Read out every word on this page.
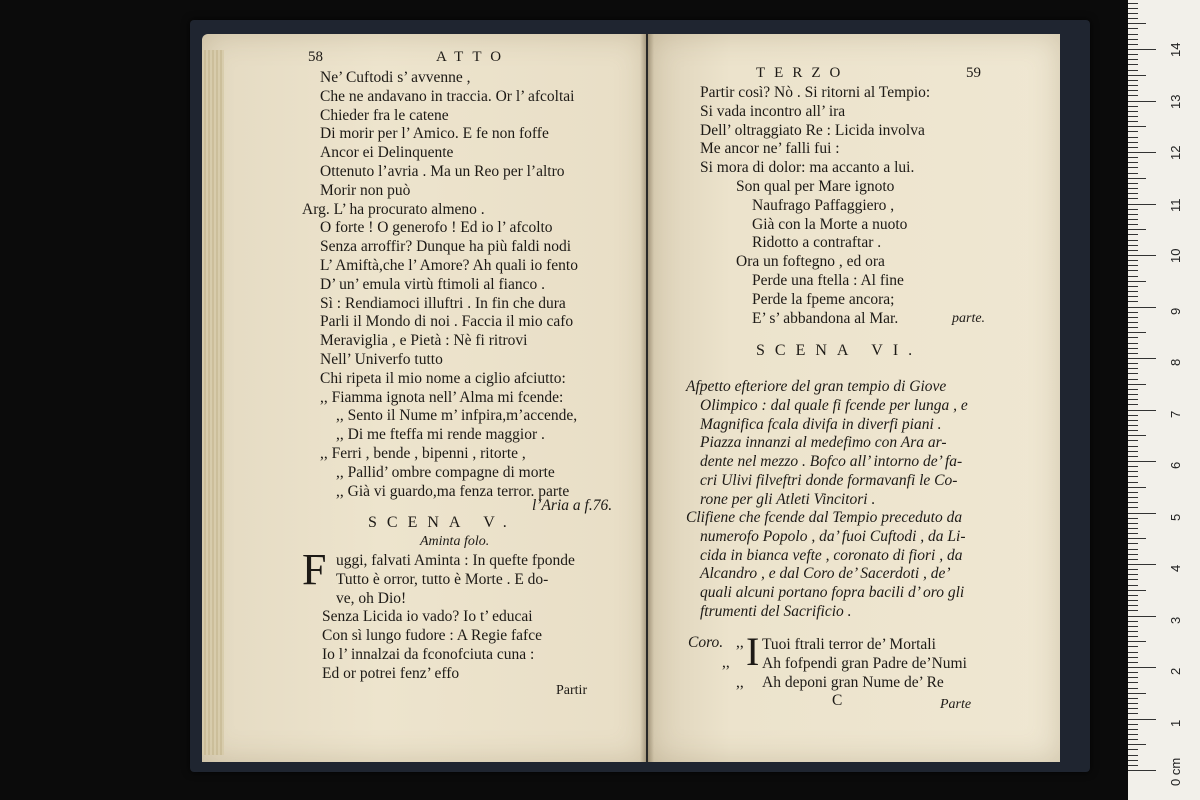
58	ATTO
Ne’ Cuftodi s’ avvenne ,
Che ne andavano in traccia. Or l’ afcoltai
Chieder fra le catene
Di morir per l’ Amico. E fe non foffe
Ancor ei Delinquente
Ottenuto l’avria . Ma un Reo per l’altro
Morir non può
Arg. L’ ha procurato almeno .
O forte ! O generofo ! Ed io l’ afcolto
Senza arroffir? Dunque ha più faldi nodi
L’ Amiftà,che l’ Amore? Ah quali io fento
D’ un’ emula virtù ftimoli al fianco .
Sì : Rendiamoci illuftri . In fin che dura
Parli il Mondo di noi . Faccia il mio cafo
Meraviglia , e Pietà : Nè fi ritrovi
Nell’ Univerfo tutto
Chi ripeta il mio nome a ciglio afciutto:
,, Fiamma ignota nell’ Alma mi fcende:
,, Sento il Nume m’ infpira,m’accende,
,, Di me fteffa mi rende maggior .
,, Ferri , bende , bipenni , ritorte ,
,, Pallid’ ombre compagne di morte
,, Già vi guardo,ma fenza terror. parte
l’Aria a f.76.
SCENA V.
Aminta folo.
F uggi, falvati Aminta : In quefte fponde
Tutto è orror, tutto è Morte . E do-
ve, oh Dio!
Senza Licida io vado? Io t’ educai
Con sì lungo fudore : A Regie fafce
Io l’ innalzai da fconofciuta cuna :
Ed or potrei fenz’ effo
Partir
TERZO	59
Partir così? Nò . Si ritorni al Tempio:
Si vada incontro all’ ira
Dell’ oltraggiato Re : Licida involva
Me ancor ne’ falli fui :
Si mora di dolor: ma accanto a lui.
Son qual per Mare ignoto
Naufrago Paffaggiero ,
Già con la Morte a nuoto
Ridotto a contraftar .
Ora un foftegno , ed ora
Perde una ftella : Al fine
Perde la fpeme ancora;
E’ s’ abbandona al Mar.	parte.
SCENA VI.
Afpetto efteriore del gran tempio di Giove
Olimpico : dal quale fi fcende per lunga , e
Magnifica fcala divifa in diverfi piani .
Piazza innanzi al medefimo con Ara ar-
dente nel mezzo . Bofco all’ intorno de’ fa-
cri Ulivi filveftri donde formavanfi le Co-
rone per gli Atleti Vincitori .
Clifiene che fcende dal Tempio preceduto da
numerofo Popolo , da’ fuoi Cuftodi , da Li-
cida in bianca vefte , coronato di fiori , da
Alcandro , e dal Coro de’ Sacerdoti , de’
quali alcuni portano fopra bacili d’ oro gli
ftrumenti del Sacrificio .
Coro. ,,
,,
,,
I Tuoi ftrali terror de’ Mortali
Ah fofpendi gran Padre de’Numi
Ah deponi gran Nume de’ Re
C	Parte
0 cm
1
2
3
4
5
6
7
8
9
10
11
12
13
14
